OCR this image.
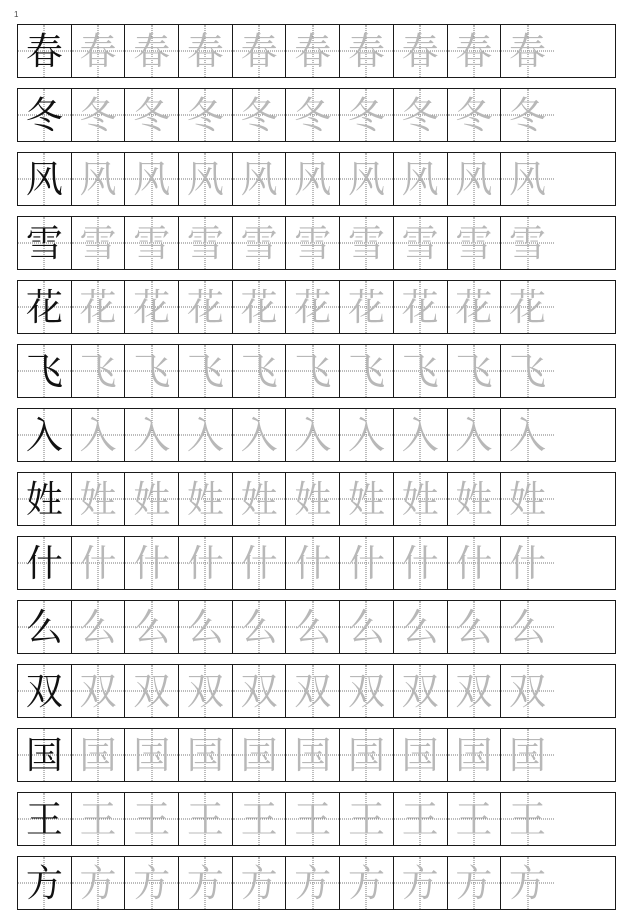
1
春 春 春 春 春 春 春 春 春 春
冬 冬 冬 冬 冬 冬 冬 冬 冬 冬
风 风 风 风 风 风 风 风 风 风
雪 雪 雪 雪 雪 雪 雪 雪 雪 雪
花 花 花 花 花 花 花 花 花 花
飞 飞 飞 飞 飞 飞 飞 飞 飞 飞
入 入 入 入 入 入 入 入 入 入
姓 姓 姓 姓 姓 姓 姓 姓 姓 姓
什 什 什 什 什 什 什 什 什 什
么 么 么 么 么 么 么 么 么 么
双 双 双 双 双 双 双 双 双 双
国 国 国 国 国 国 国 国 国 国
王 王 王 王 王 王 王 王 王 王
方 方 方 方 方 方 方 方 方 方
